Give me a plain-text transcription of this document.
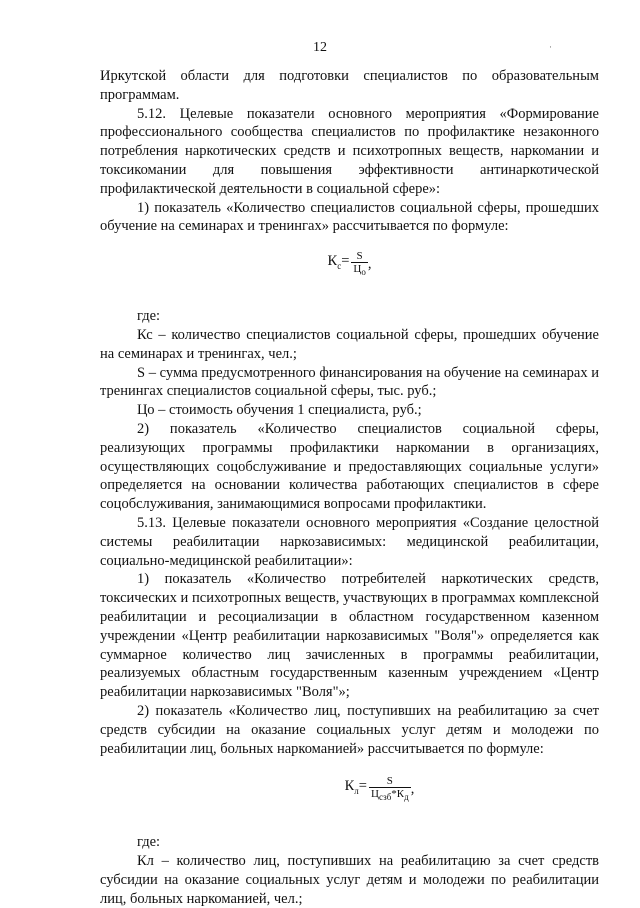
12	·

Иркутской области для подготовки специалистов по образовательным программам.

5.12. Целевые показатели основного мероприятия «Формирование профессионального сообщества специалистов по профилактике незаконного потребления наркотических средств и психотропных веществ, наркомании и токсикомании для повышения эффективности антинаркотической профилактической деятельности в социальной сфере»:

1) показатель «Количество специалистов социальной сферы, прошедших обучение на семинарах и тренингах» рассчитывается по формуле:

$К_с= \frac{S}{Ц_о}$ ,

где:

Кс – количество специалистов социальной сферы, прошедших обучение на семинарах и тренингах, чел.;

S – сумма предусмотренного финансирования на обучение на семинарах и тренингах специалистов социальной сферы, тыс. руб.;

Цо – стоимость обучения 1 специалиста, руб.;

2) показатель «Количество специалистов социальной сферы, реализующих программы профилактики наркомании в организациях, осуществляющих соцобслуживание и предоставляющих социальные услуги» определяется на основании количества работающих специалистов в сфере соцобслуживания, занимающимися вопросами профилактики.

5.13. Целевые показатели основного мероприятия «Создание целостной системы реабилитации наркозависимых: медицинской реабилитации, социально-медицинской реабилитации»:

1) показатель «Количество потребителей наркотических средств, токсических и психотропных веществ, участвующих в программах комплексной реабилитации и ресоциализации в областном государственном казенном учреждении «Центр реабилитации наркозависимых "Воля"» определяется как суммарное количество лиц зачисленных в программы реабилитации, реализуемых областным государственным казенным учреждением «Центр реабилитации наркозависимых "Воля"»;

2) показатель «Количество лиц, поступивших на реабилитацию за счет средств субсидии на оказание социальных услуг детям и молодежи по реабилитации лиц, больных наркоманией» рассчитывается по формуле:

$К_л= \frac{S}{Ц_{сзб}*К_д}$ ,

где:

Кл – количество лиц, поступивших на реабилитацию за счет средств субсидии на оказание социальных услуг детям и молодежи по реабилитации лиц, больных наркоманией, чел.;
